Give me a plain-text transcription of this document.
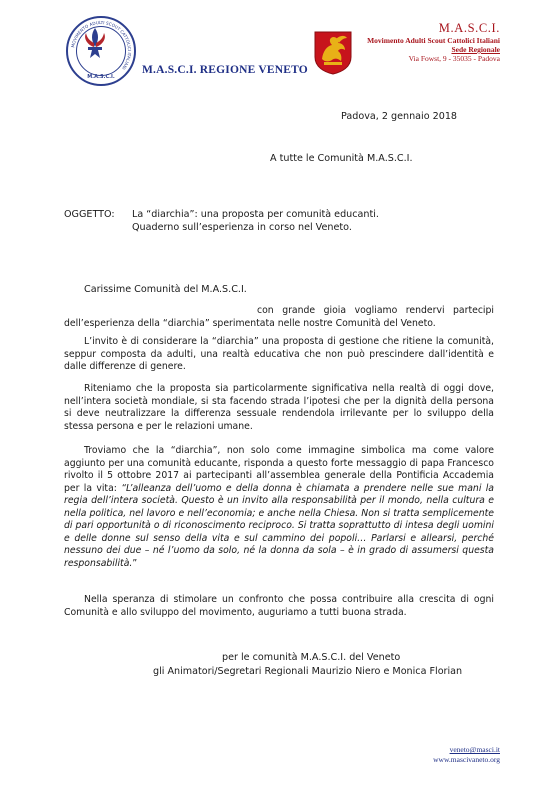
MOVIMENTO ADULTI SCOUT CATTOLICI ITALIANI
M.A.S.C.I.
M.A.S.C.I. REGIONE VENETO
M.A.S.C.I.
Movimento Adulti Scout Cattolici Italiani
Sede Regionale
Via Fowst, 9 - 35035 - Padova
Padova, 2 gennaio 2018
A tutte le Comunità M.A.S.C.I.
OGGETTO: La “diarchia”: una proposta per comunità educanti.
Quaderno sull’esperienza in corso nel Veneto.
Carissime Comunità del M.A.S.C.I.
con grande gioia vogliamo rendervi partecipi dell’esperienza della “diarchia” sperimentata nelle nostre Comunità del Veneto.
L’invito è di considerare la “diarchia” una proposta di gestione che ritiene la comunità, seppur composta da adulti, una realtà educativa che non può prescindere dall’identità e dalle differenze di genere.
Riteniamo che la proposta sia particolarmente significativa nella realtà di oggi dove, nell’intera società mondiale, si sta facendo strada l’ipotesi che per la dignità della persona si deve neutralizzare la differenza sessuale rendendola irrilevante per lo sviluppo della stessa persona e per le relazioni umane.
Troviamo che la “diarchia”, non solo come immagine simbolica ma come valore aggiunto per una comunità educante, risponda a questo forte messaggio di papa Francesco rivolto il 5 ottobre 2017 ai partecipanti all’assemblea generale della Pontificia Accademia per la vita: “L’alleanza dell’uomo e della donna è chiamata a prendere nelle sue mani la regia dell’intera società. Questo è un invito alla responsabilità per il mondo, nella cultura e nella politica, nel lavoro e nell’economia; e anche nella Chiesa. Non si tratta semplicemente di pari opportunità o di riconoscimento reciproco. Si tratta soprattutto di intesa degli uomini e delle donne sul senso della vita e sul cammino dei popoli… Parlarsi e allearsi, perché nessuno dei due – né l’uomo da solo, né la donna da sola – è in grado di assumersi questa responsabilità.”
Nella speranza di stimolare un confronto che possa contribuire alla crescita di ogni Comunità e allo sviluppo del movimento, auguriamo a tutti buona strada.
per le comunità M.A.S.C.I. del Veneto
gli Animatori/Segretari Regionali Maurizio Niero e Monica Florian
veneto@masci.it
www.mascivaneto.org
